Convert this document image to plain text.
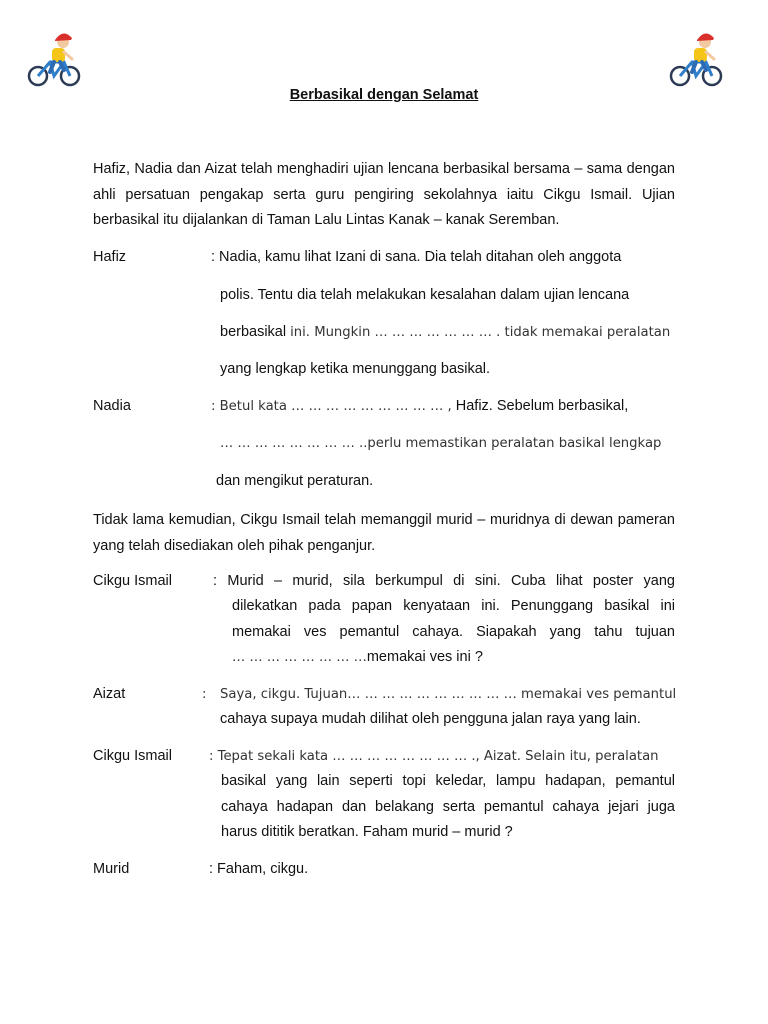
Berbasikal dengan Selamat
Hafiz, Nadia dan Aizat telah menghadiri ujian lencana berbasikal bersama – sama dengan ahli persatuan pengakap serta guru pengiring sekolahnya iaitu Cikgu Ismail. Ujian berbasikal itu dijalankan di Taman Lalu Lintas Kanak – kanak Seremban.
Hafiz	: Nadia, kamu lihat Izani di sana. Dia telah ditahan oleh anggota
polis. Tentu dia telah melakukan kesalahan dalam ujian lencana
berbasikal ini. Mungkin … … … … … … … . tidak memakai peralatan
yang lengkap ketika menunggang basikal.
Nadia	: Betul kata … … … … … … … … … , Hafiz. Sebelum berbasikal,
… … … … … … … … ..perlu memastikan peralatan basikal lengkap
dan mengikut peraturan.
Tidak lama kemudian, Cikgu Ismail telah memanggil murid – muridnya di dewan pameran yang telah disediakan oleh pihak penganjur.
Cikgu Ismail	: Murid – murid, sila berkumpul di sini. Cuba lihat poster yang
dilekatkan pada papan kenyataan ini. Penunggang basikal ini
memakai ves pemantul cahaya. Siapakah yang tahu tujuan
… … … … … … … …memakai ves ini ?
Aizat	: Saya, cikgu. Tujuan… … … … … … … … … … memakai ves pemantul
cahaya supaya mudah dilihat oleh pengguna jalan raya yang lain.
Cikgu Ismail	: Tepat sekali kata … … … … … … … … ., Aizat. Selain itu, peralatan
basikal yang lain seperti topi keledar, lampu hadapan, pemantul
cahaya hadapan dan belakang serta pemantul cahaya jejari juga
harus dititik beratkan. Faham murid – murid ?
Murid	: Faham, cikgu.
